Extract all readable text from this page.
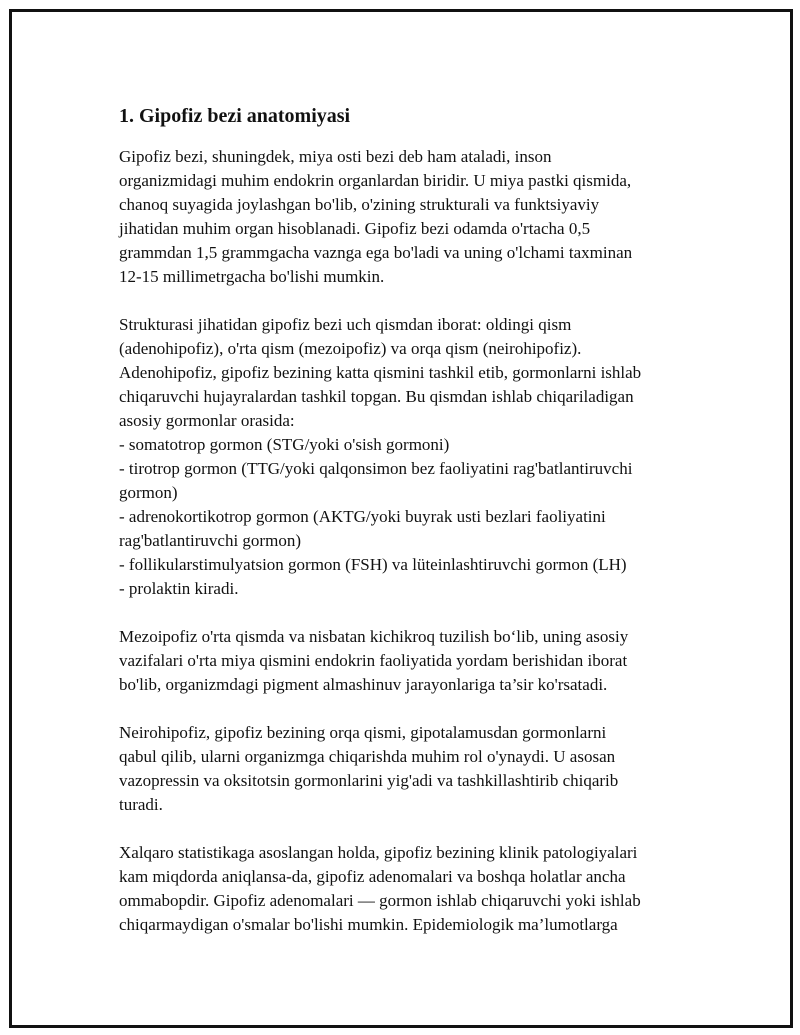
1. Gipofiz bezi anatomiyasi

Gipofiz bezi, shuningdek, miya osti bezi deb ham ataladi, inson
organizmidagi muhim endokrin organlardan biridir. U miya pastki qismida,
chanoq suyagida joylashgan bo'lib, o'zining strukturali va funktsiyaviy
jihatidan muhim organ hisoblanadi. Gipofiz bezi odamda o'rtacha 0,5
grammdan 1,5 grammgacha vaznga ega bo'ladi va uning o'lchami taxminan
12-15 millimetrgacha bo'lishi mumkin.

Strukturasi jihatidan gipofiz bezi uch qismdan iborat: oldingi qism
(adenohipofiz), o'rta qism (mezoipofiz) va orqa qism (neirohipofiz).
Adenohipofiz, gipofiz bezining katta qismini tashkil etib, gormonlarni ishlab
chiqaruvchi hujayralardan tashkil topgan. Bu qismdan ishlab chiqariladigan
asosiy gormonlar orasida:
- somatotrop gormon (STG/yoki o'sish gormoni)
- tirotrop gormon (TTG/yoki qalqonsimon bez faoliyatini rag'batlantiruvchi
gormon)
- adrenokortikotrop gormon (AKTG/yoki buyrak usti bezlari faoliyatini
rag'batlantiruvchi gormon)
- follikularstimulyatsion gormon (FSH) va lüteinlashtiruvchi gormon (LH)
- prolaktin kiradi.

Mezoipofiz o'rta qismda va nisbatan kichikroq tuzilish bo‘lib, uning asosiy
vazifalari o'rta miya qismini endokrin faoliyatida yordam berishidan iborat
bo'lib, organizmdagi pigment almashinuv jarayonlariga ta’sir ko'rsatadi.

Neirohipofiz, gipofiz bezining orqa qismi, gipotalamusdan gormonlarni
qabul qilib, ularni organizmga chiqarishda muhim rol o'ynaydi. U asosan
vazopressin va oksitotsin gormonlarini yig'adi va tashkillashtirib chiqarib
turadi.

Xalqaro statistikaga asoslangan holda, gipofiz bezining klinik patologiyalari
kam miqdorda aniqlansa-da, gipofiz adenomalari va boshqa holatlar ancha
ommabopdir. Gipofiz adenomalari — gormon ishlab chiqaruvchi yoki ishlab
chiqarmaydigan o'smalar bo'lishi mumkin. Epidemiologik ma’lumotlarga
